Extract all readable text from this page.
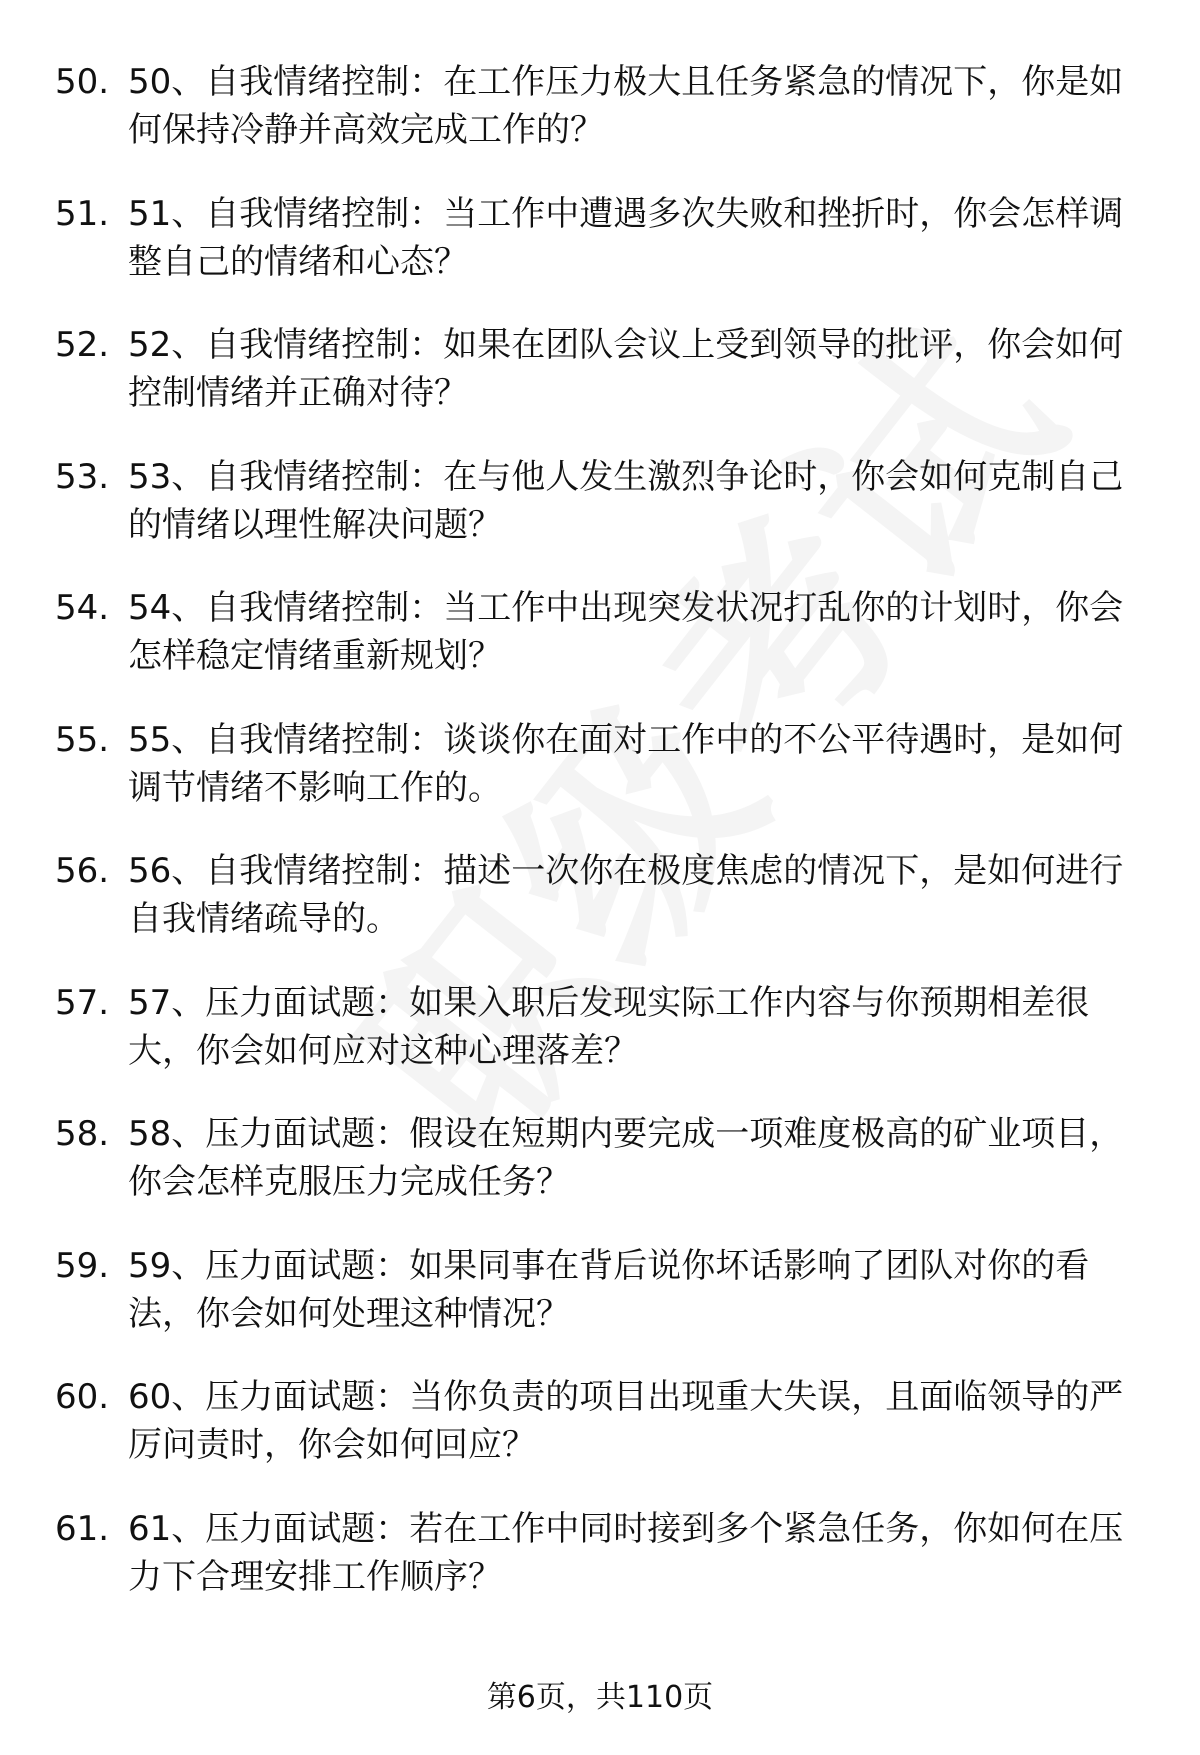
50. 50、自我情绪控制：在工作压力极大且任务紧急的情况下，你是如何保持冷静并高效完成工作的？
51. 51、自我情绪控制：当工作中遭遇多次失败和挫折时，你会怎样调整自己的情绪和心态？
52. 52、自我情绪控制：如果在团队会议上受到领导的批评，你会如何控制情绪并正确对待？
53. 53、自我情绪控制：在与他人发生激烈争论时，你会如何克制自己的情绪以理性解决问题？
54. 54、自我情绪控制：当工作中出现突发状况打乱你的计划时，你会怎样稳定情绪重新规划？
55. 55、自我情绪控制：谈谈你在面对工作中的不公平待遇时，是如何调节情绪不影响工作的。
56. 56、自我情绪控制：描述一次你在极度焦虑的情况下，是如何进行自我情绪疏导的。
57. 57、压力面试题：如果入职后发现实际工作内容与你预期相差很大，你会如何应对这种心理落差？
58. 58、压力面试题：假设在短期内要完成一项难度极高的矿业项目，你会怎样克服压力完成任务？
59. 59、压力面试题：如果同事在背后说你坏话影响了团队对你的看法，你会如何处理这种情况？
60. 60、压力面试题：当你负责的项目出现重大失误，且面临领导的严厉问责时，你会如何回应？
61. 61、压力面试题：若在工作中同时接到多个紧急任务，你如何在压力下合理安排工作顺序？
第6页，共110页
